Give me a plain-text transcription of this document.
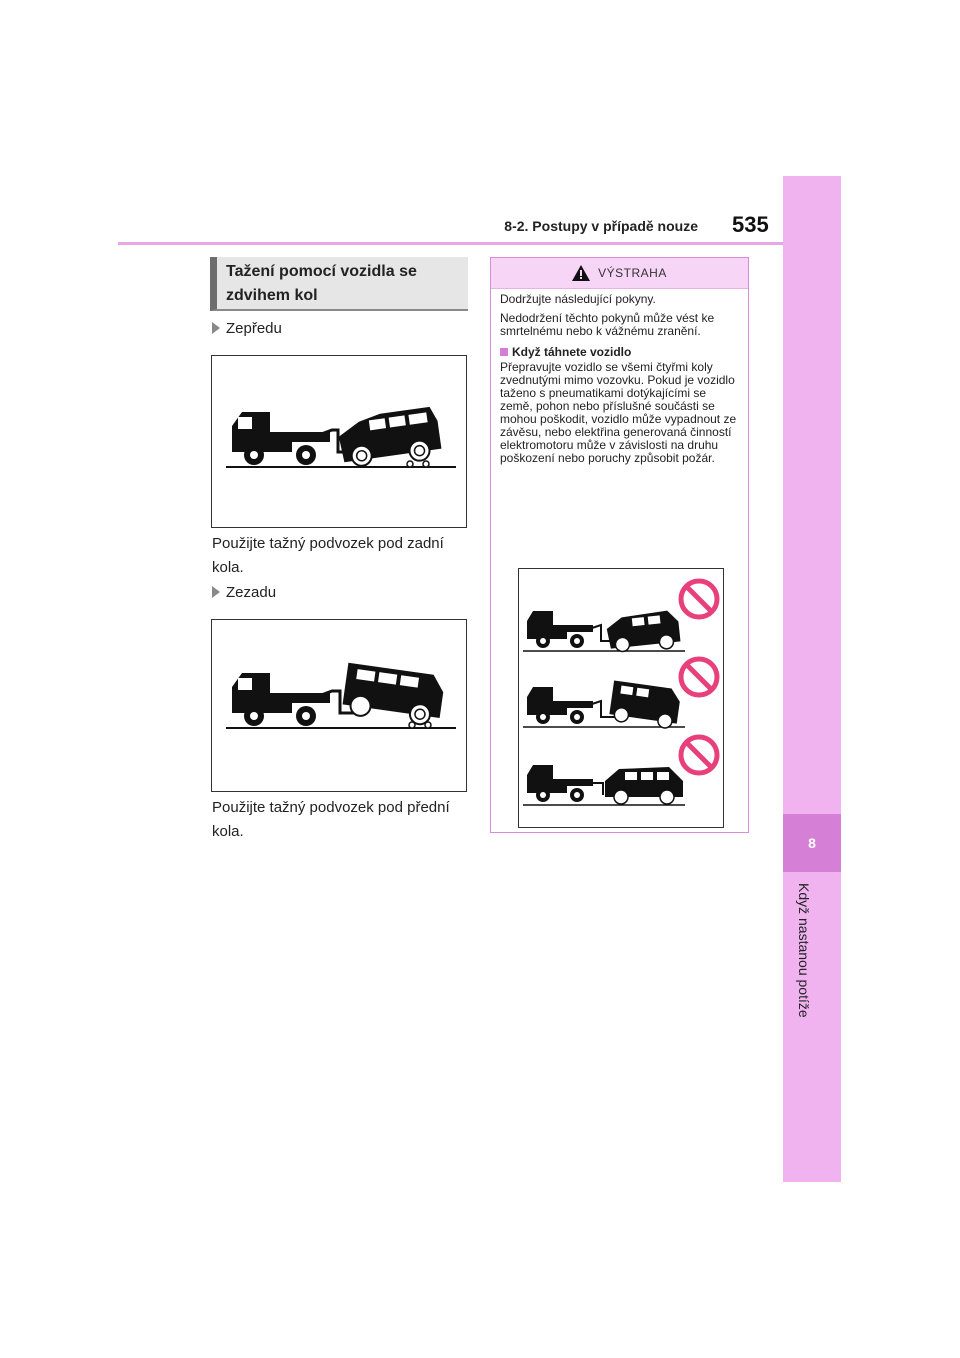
8
Když nastanou potíže
8-2. Postupy v případě nouze 535
Tažení pomocí vozidla se zdvihem kol
Zepředu
Použijte tažný podvozek pod zadní kola.
Zezadu
Použijte tažný podvozek pod přední kola.
VÝSTRAHA

Dodržujte následující pokyny.

Nedodržení těchto pokynů může vést ke smrtelnému nebo k vážnému zranění.

Když táhnete vozidlo

Přepravujte vozidlo se všemi čtyřmi koly zvednutými mimo vozovku. Pokud je vozidlo taženo s pneumatikami dotýkajícími se země, pohon nebo příslušné součásti se mohou poškodit, vozidlo může vypadnout ze závěsu, nebo elektřina generovaná činností elektromotoru může v závislosti na druhu poškození nebo poruchy způsobit požár.
